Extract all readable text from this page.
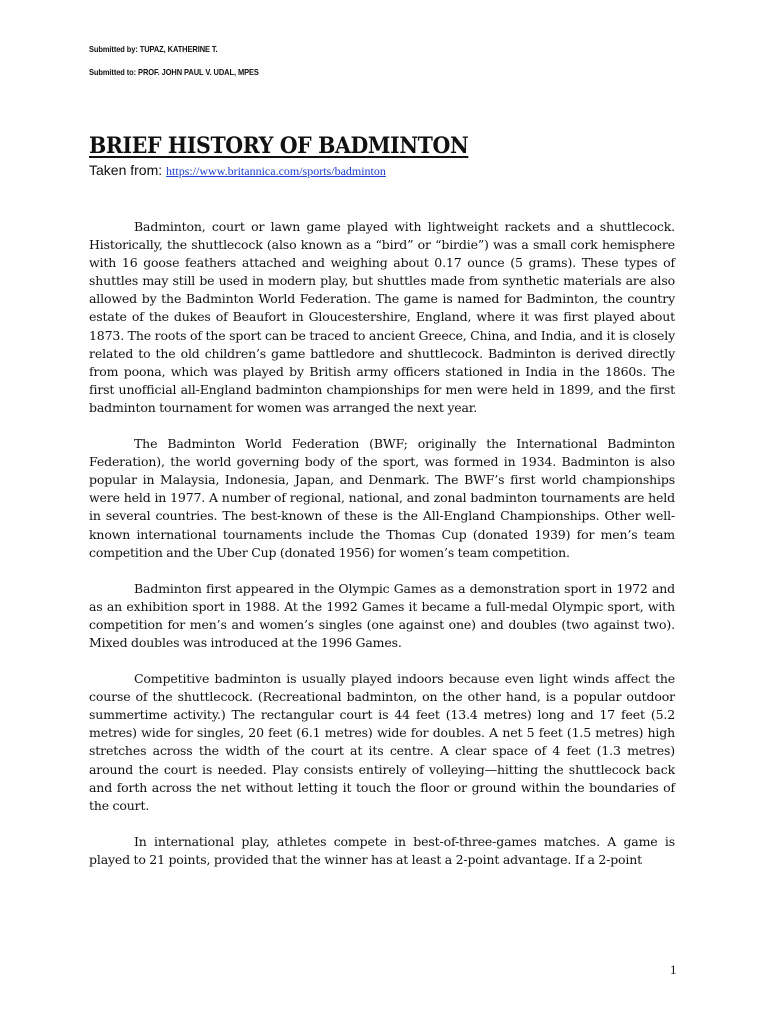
Submitted by: TUPAZ, KATHERINE T.
Submitted to: PROF. JOHN PAUL V. UDAL, MPES
BRIEF HISTORY OF BADMINTON
Taken from: https://www.britannica.com/sports/badminton

Badminton, court or lawn game played with lightweight rackets and a shuttlecock. Historically, the shuttlecock (also known as a “bird” or “birdie”) was a small cork hemisphere with 16 goose feathers attached and weighing about 0.17 ounce (5 grams). These types of shuttles may still be used in modern play, but shuttles made from synthetic materials are also allowed by the Badminton World Federation. The game is named for Badminton, the country estate of the dukes of Beaufort in Gloucestershire, England, where it was first played about 1873. The roots of the sport can be traced to ancient Greece, China, and India, and it is closely related to the old children’s game battledore and shuttlecock. Badminton is derived directly from poona, which was played by British army officers stationed in India in the 1860s. The first unofficial all-England badminton championships for men were held in 1899, and the first badminton tournament for women was arranged the next year.

The Badminton World Federation (BWF; originally the International Badminton Federation), the world governing body of the sport, was formed in 1934. Badminton is also popular in Malaysia, Indonesia, Japan, and Denmark. The BWF’s first world championships were held in 1977. A number of regional, national, and zonal badminton tournaments are held in several countries. The best-known of these is the All-England Championships. Other well-known international tournaments include the Thomas Cup (donated 1939) for men’s team competition and the Uber Cup (donated 1956) for women’s team competition.

Badminton first appeared in the Olympic Games as a demonstration sport in 1972 and as an exhibition sport in 1988. At the 1992 Games it became a full-medal Olympic sport, with competition for men’s and women’s singles (one against one) and doubles (two against two). Mixed doubles was introduced at the 1996 Games.

Competitive badminton is usually played indoors because even light winds affect the course of the shuttlecock. (Recreational badminton, on the other hand, is a popular outdoor summertime activity.) The rectangular court is 44 feet (13.4 metres) long and 17 feet (5.2 metres) wide for singles, 20 feet (6.1 metres) wide for doubles. A net 5 feet (1.5 metres) high stretches across the width of the court at its centre. A clear space of 4 feet (1.3 metres) around the court is needed. Play consists entirely of volleying—hitting the shuttlecock back and forth across the net without letting it touch the floor or ground within the boundaries of the court.

In international play, athletes compete in best-of-three-games matches. A game is played to 21 points, provided that the winner has at least a 2-point advantage. If a 2-point

1
